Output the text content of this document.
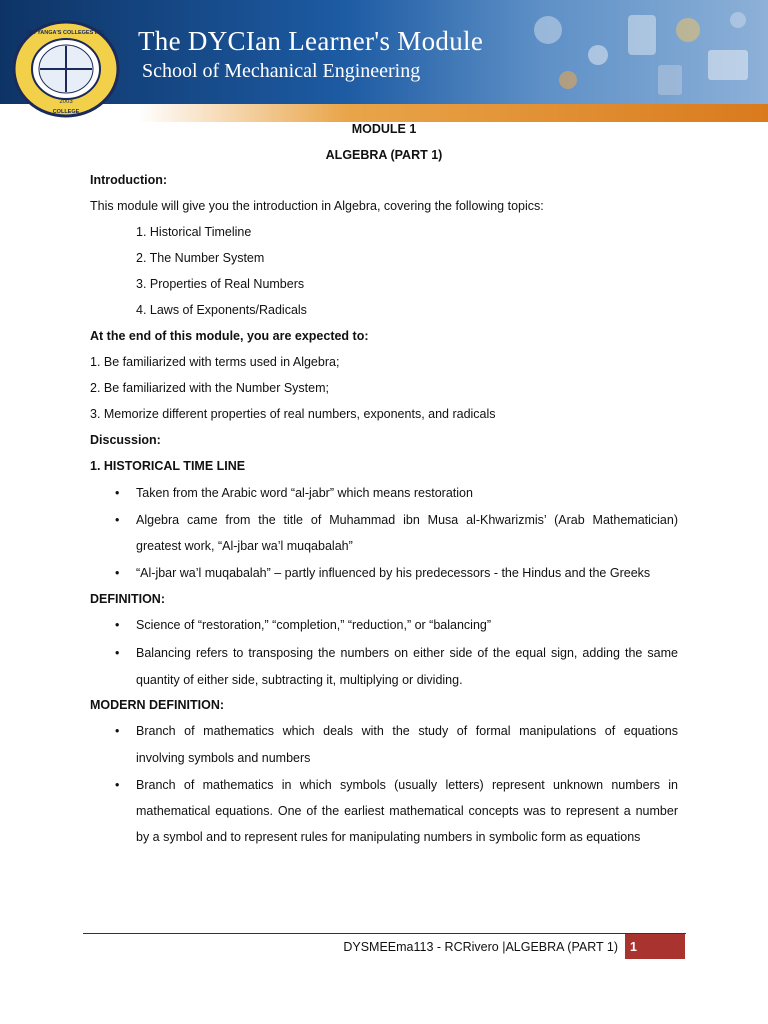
2003
DR. YANGA'S COLLEGES INC.
COLLEGE
The DYCIan Learner's Module
School of Mechanical Engineering
MODULE 1
ALGEBRA (PART 1)
Introduction:
This module will give you the introduction in Algebra, covering the following topics:
1. Historical Timeline
2. The Number System
3. Properties of Real Numbers
4. Laws of Exponents/Radicals
At the end of this module, you are expected to:
1. Be familiarized with terms used in Algebra;
2. Be familiarized with the Number System;
3. Memorize different properties of real numbers, exponents, and radicals
Discussion:
1. HISTORICAL TIME LINE
• Taken from the Arabic word “al-jabr” which means restoration
• Algebra came from the title of Muhammad ibn Musa al-Khwarizmis’ (Arab Mathematician)
greatest work, “Al-jbar wa’l muqabalah”
• “Al-jbar wa’l muqabalah” – partly influenced by his predecessors - the Hindus and the Greeks
DEFINITION:
• Science of “restoration,” “completion,” “reduction,” or “balancing”
• Balancing refers to transposing the numbers on either side of the equal sign, adding the same
quantity of either side, subtracting it, multiplying or dividing.
MODERN DEFINITION:
• Branch of mathematics which deals with the study of formal manipulations of equations
involving symbols and numbers
• Branch of mathematics in which symbols (usually letters) represent unknown numbers in
mathematical equations. One of the earliest mathematical concepts was to represent a number
by a symbol and to represent rules for manipulating numbers in symbolic form as equations
DYSMEEma113 - RCRivero |ALGEBRA (PART 1) 1
